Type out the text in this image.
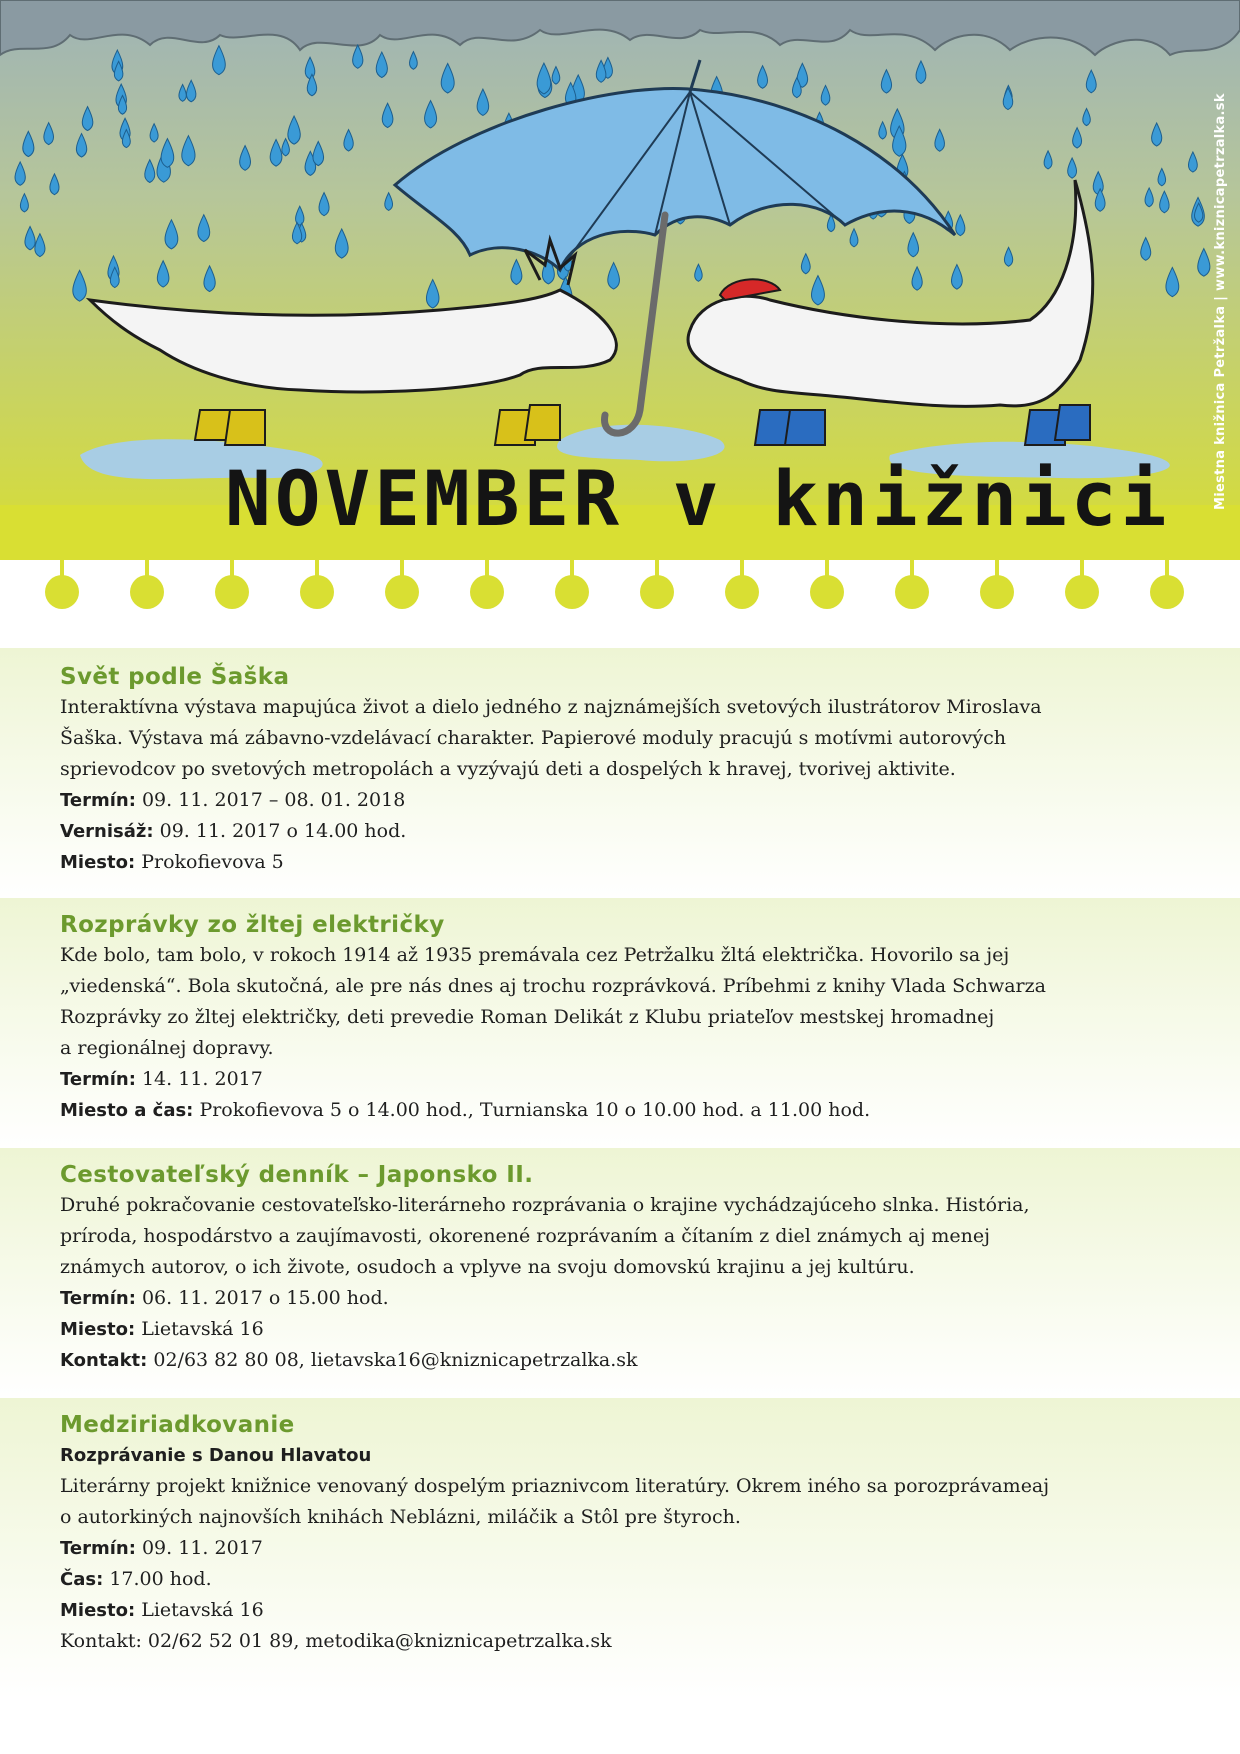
NOVEMBER v knižnici	Miestna knižnica Petržalka | www.kniznicapetrzalka.sk
Svět podle Šaška

Interaktívna výstava mapujúca život a dielo jedného z najznámejších svetových ilustrátorov Miroslava

Šaška. Výstava má zábavno-vzdelávací charakter. Papierové moduly pracujú s motívmi autorových

sprievodcov po svetových metropolách a vyzývajú deti a dospelých k hravej, tvorivej aktivite.

Termín: 09. 11. 2017 – 08. 01. 2018

Vernisáž: 09. 11. 2017 o 14.00 hod.

Miesto: Prokofievova 5

Rozprávky zo žltej električky

Kde bolo, tam bolo, v rokoch 1914 až 1935 premávala cez Petržalku žltá električka. Hovorilo sa jej

„viedenská“. Bola skutočná, ale pre nás dnes aj trochu rozprávková. Príbehmi z knihy Vlada Schwarza

Rozprávky zo žltej električky, deti prevedie Roman Delikát z Klubu priateľov mestskej hromadnej

a regionálnej dopravy.

Termín: 14. 11. 2017

Miesto a čas: Prokofievova 5 o 14.00 hod., Turnianska 10 o 10.00 hod. a 11.00 hod.

Cestovateľský denník – Japonsko II.

Druhé pokračovanie cestovateľsko-literárneho rozprávania o krajine vychádzajúceho slnka. História,

príroda, hospodárstvo a zaujímavosti, okorenené rozprávaním a čítaním z diel známych aj menej

známych autorov, o ich živote, osudoch a vplyve na svoju domovskú krajinu a jej kultúru.

Termín: 06. 11. 2017 o 15.00 hod.

Miesto: Lietavská 16

Kontakt: 02/63 82 80 08, lietavska16@kniznicapetrzalka.sk

Medziriadkovanie
Rozprávanie s Danou Hlavatou

Literárny projekt knižnice venovaný dospelým priaznivcom literatúry. Okrem iného sa porozprávameaj

o autorkiných najnovších knihách Neblázni, miláčik a Stôl pre štyroch.

Termín: 09. 11. 2017

Čas: 17.00 hod.

Miesto: Lietavská 16

Kontakt: 02/62 52 01 89, metodika@kniznicapetrzalka.sk
